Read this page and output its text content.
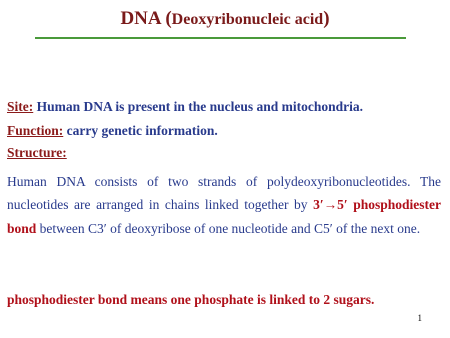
DNA (Deoxyribonucleic acid)
Site: Human DNA is present in the nucleus and mitochondria.
Function: carry genetic information.
Structure:
Human DNA consists of two strands of polydeoxyribonucleotides. The nucleotides are arranged in chains linked together by 3′→5′ phosphodiester bond between C3′ of deoxyribose of one nucleotide and C5′ of the next one.
phosphodiester bond means one phosphate is linked to 2 sugars.
1
